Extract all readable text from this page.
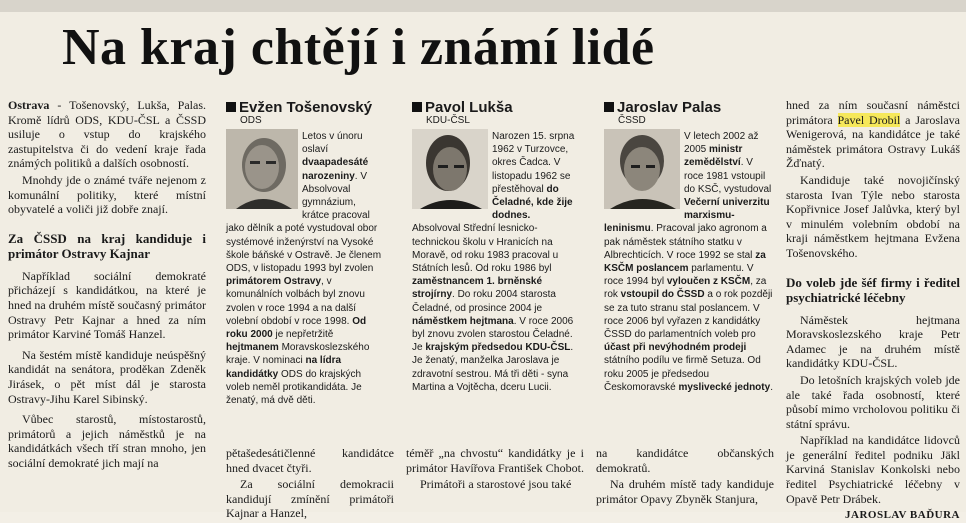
Na kraj chtějí i známí lidé

Ostrava - Tošenovský, Lukša, Palas. Kromě lídrů ODS, KDU-ČSL a ČSSD usiluje o vstup do krajského zastupitelstva či do vedení kraje řada známých politiků a dalších osobností.

Mnohdy jde o známé tváře nejenom z komunální politiky, které místní obyvatelé a voliči již dobře znají.

Za ČSSD na kraj kandiduje i primátor Ostravy Kajnar

Například sociální demokraté přicházejí s kandidátkou, na které je hned na druhém místě současný primátor Ostravy Petr Kajnar a hned za ním primátor Karviné Tomáš Hanzel.

Na šestém místě kandiduje neúspěšný kandidát na senátora, proděkan Zdeněk Jirásek, o pět míst dál je starosta Ostravy-Jihu Karel Sibinský.

Vůbec starostů, místostarostů, primátorů a jejich náměstků je na kandidátkách všech tří stran mnoho, jen sociální demokraté jich mají na

Evžen Tošenovský
ODS
Letos v únoru oslaví dvaapadesáté narozeniny. V Absolvoval gymnázium, krátce pracoval jako dělník a poté vystudoval obor systémové inženýrství na Vysoké škole báňské v Ostravě. Je členem ODS, v listopadu 1993 byl zvolen primátorem Ostravy, v komunálních volbách byl znovu zvolen v roce 1994 a na další volební období v roce 1998. Od roku 2000 je nepřetržitě hejtmanem Moravskoslezského kraje. V nominaci na lídra kandidátky ODS do krajských voleb neměl protikandidáta. Je ženatý, má dvě děti.

pětašedesátičlenné kandidátce hned dvacet čtyři.

Za sociální demokracii kandidují zmínění primátoři Kajnar a Hanzel,

Pavol Lukša
KDU-ČSL
Narozen 15. srpna 1962 v Turzovce, okres Čadca. V listopadu 1962 se přestěhoval do Čeladné, kde žije dodnes. Absolvoval Střední lesnicko-technickou školu v Hranicích na Moravě, od roku 1983 pracoval u Státních lesů. Od roku 1986 byl zaměstnancem 1. brněnské strojírny. Do roku 2004 starosta Čeladné, od prosince 2004 je náměstkem hejtmana. V roce 2006 byl znovu zvolen starostou Čeladné. Je krajským předsedou KDU-ČSL. Je ženatý, manželka Jaroslava je zdravotní sestrou. Má tři děti - syna Martina a Vojtěcha, dceru Lucii.

téměř „na chvostu“ kandidátky je i primátor Havířova František Chobot.

Primátoři a starostové jsou také

Jaroslav Palas
ČSSD
V letech 2002 až 2005 ministr zemědělství. V roce 1981 vstoupil do KSČ, vystudoval Večerní univerzitu marxismu-leninismu. Pracoval jako agronom a pak náměstek státního statku v Albrechticích. V roce 1992 se stal za KSČM poslancem parlamentu. V roce 1994 byl vyloučen z KSČM, za rok vstoupil do ČSSD a o rok později se za tuto stranu stal poslancem. V roce 2006 byl vyřazen z kandidátky ČSSD do parlamentních voleb pro účast při nevýhodném prodeji státního podílu ve firmě Setuza. Od roku 2005 je předsedou Českomoravské myslivecké jednoty.

na kandidátce občanských demokratů.

Na druhém místě tady kandiduje primátor Opavy Zbyněk Stanjura,

hned za ním současní náměstci primátora Pavel Drobil a Jaroslava Wenigerová, na kandidátce je také náměstek primátora Ostravy Lukáš Žďnatý.

Kandiduje také novojičínský starosta Ivan Týle nebo starosta Kopřivnice Josef Jalůvka, který byl v minulém volebním období na kraji náměstkem hejtmana Evžena Tošenovského.

Do voleb jde šéf firmy i ředitel psychiatrické léčebny

Náměstek hejtmana Moravskoslezského kraje Petr Adamec je na druhém místě kandidátky KDU-ČSL.

Do letošních krajských voleb jde ale také řada osobností, které působí mimo vrcholovou politiku či státní správu.

Například na kandidátce lidovců je generální ředitel podniku Jäkl Karviná Stanislav Konkolski nebo ředitel Psychiatrické léčebny v Opavě Petr Drábek.

JAROSLAV BAĎURA
